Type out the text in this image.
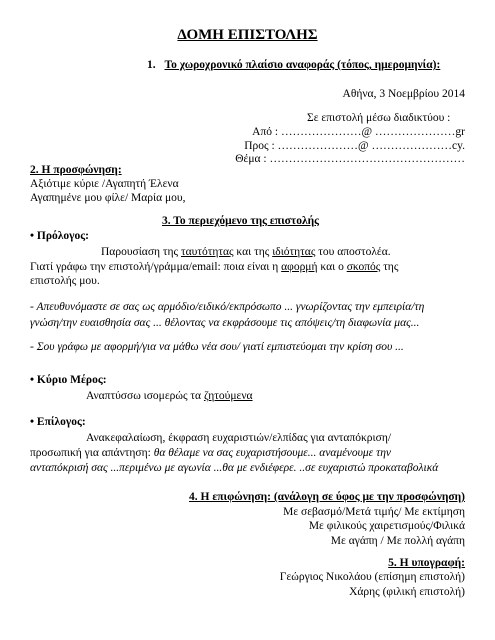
ΔΟΜΗ ΕΠΙΣΤΟΛΗΣ
1. Το χωροχρονικό πλαίσιο αναφοράς (τόπος, ημερομηνία):
Αθήνα, 3 Νοεμβρίου 2014
Σε επιστολή μέσω διαδικτύου :
Από : …………………@ …………………gr
Προς : …………………@ …………………cy.
Θέμα : ……………………………………………
2. Η προσφώνηση:
Αξιότιμε κύριε /Αγαπητή Έλενα
Αγαπημένε μου φίλε/ Μαρία μου,
3. Το περιεχόμενο της επιστολής
• Πρόλογος:
Παρουσίαση της ταυτότητας και της ιδιότητας του αποστολέα.
Γιατί γράφω την επιστολή/γράμμα/email: ποια είναι η αφορμή και ο σκοπός της
επιστολής μου.
- Απευθυνόμαστε σε σας ως αρμόδιο/ειδικό/εκπρόσωπο ... γνωρίζοντας την εμπειρία/τη
γνώση/την ευαισθησία σας ... θέλοντας να εκφράσουμε τις απόψεις/τη διαφωνία μας...
- Σου γράφω με αφορμή/για να μάθω νέα σου/ γιατί εμπιστεύομαι την κρίση σου ...
• Κύριο Μέρος:
Αναπτύσσω ισομερώς τα ζητούμενα
• Επίλογος:
Ανακεφαλαίωση, έκφραση ευχαριστιών/ελπίδας για ανταπόκριση/
προσωπική για απάντηση: θα θέλαμε να σας ευχαριστήσουμε... αναμένουμε την
ανταπόκρισή σας ...περιμένω με αγωνία ...θα με ενδιέφερε. ..σε ευχαριστώ προκαταβολικά
4. Η επιφώνηση: (ανάλογη σε ύφος με την προσφώνηση)
Με σεβασμό/Μετά τιμής/ Με εκτίμηση
Με φιλικούς χαιρετισμούς/Φιλικά
Με αγάπη / Με πολλή αγάπη
5. Η υπογραφή:
Γεώργιος Νικολάου (επίσημη επιστολή)
Χάρης (φιλική επιστολή)
